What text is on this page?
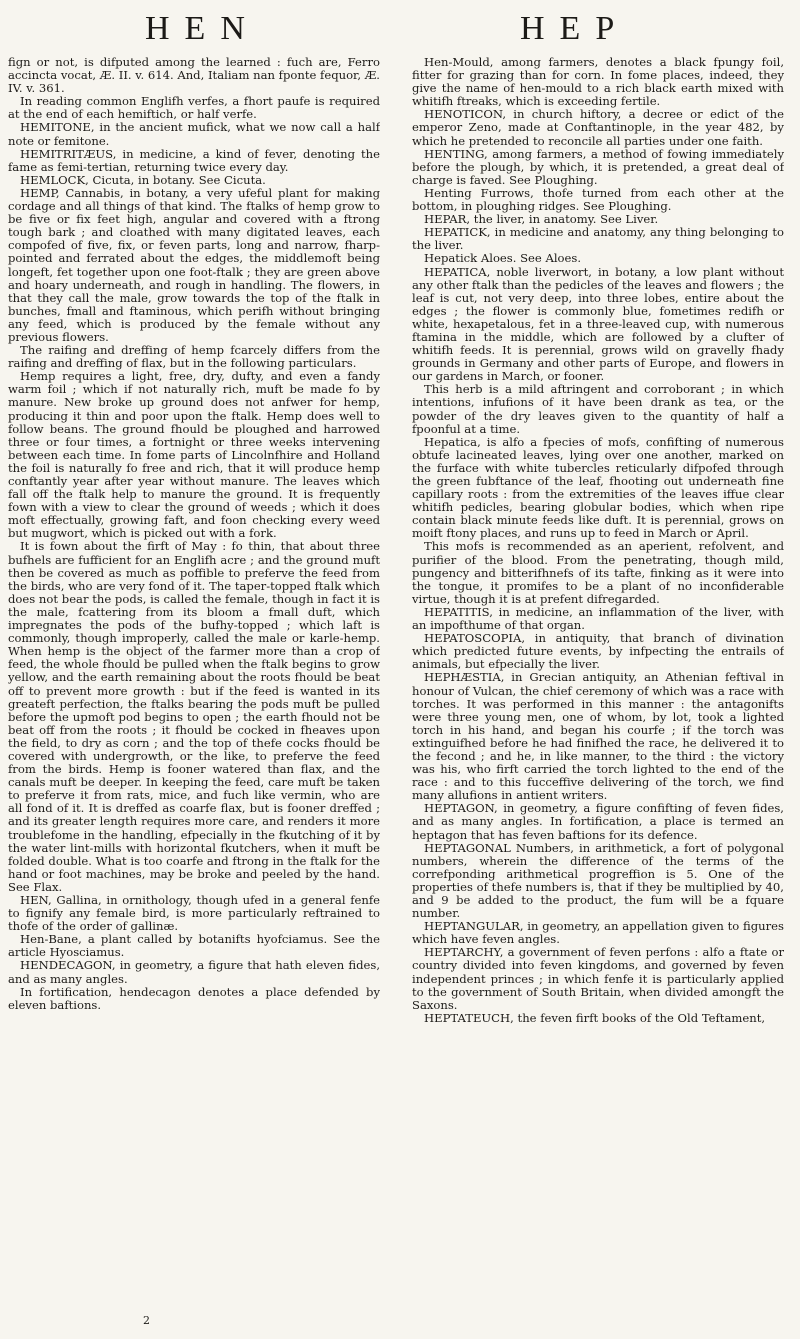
HEN	HEP

fign or not, is difputed among the learned : fuch are, Ferro accincta vocat, Æ. II. v. 614. And, Italiam nan fponte fequor, Æ. IV. v. 361.

In reading common Englifh verfes, a fhort paufe is required at the end of each hemiftich, or half verfe.

HEMITONE, in the ancient mufick, what we now call a half note or femitone.

HEMITRITÆUS, in medicine, a kind of fever, denoting the fame as femi-tertian, returning twice every day.

HEMLOCK, Cicuta, in botany. See Cicuta.

HEMP, Cannabis, in botany, a very ufeful plant for making cordage and all things of that kind. The ftalks of hemp grow to be five or fix feet high, angular and covered with a ftrong tough bark ; and cloathed with many digitated leaves, each compofed of five, fix, or feven parts, long and narrow, fharp-pointed and ferrated about the edges, the middlemoft being longeft, fet together upon one foot-ftalk ; they are green above and hoary underneath, and rough in handling. The flowers, in that they call the male, grow towards the top of the ftalk in bunches, fmall and ftaminous, which perifh without bringing any feed, which is produced by the female without any previous flowers.

The raifing and dreffing of hemp fcarcely differs from the raifing and dreffing of flax, but in the following particulars.

Hemp requires a light, free, dry, dufty, and even a fandy warm foil ; which if not naturally rich, muft be made fo by manure. New broke up ground does not anfwer for hemp, producing it thin and poor upon the ftalk. Hemp does well to follow beans. The ground fhould be ploughed and harrowed three or four times, a fortnight or three weeks intervening between each time. In fome parts of Lincolnfhire and Holland the foil is naturally fo free and rich, that it will produce hemp conftantly year after year without manure. The leaves which fall off the ftalk help to manure the ground. It is frequently fown with a view to clear the ground of weeds ; which it does moft effectually, growing faft, and foon checking every weed but mugwort, which is picked out with a fork.

It is fown about the firft of May : fo thin, that about three bufhels are fufficient for an Englifh acre ; and the ground muft then be covered as much as poffible to preferve the feed from the birds, who are very fond of it. The taper-topped ftalk which does not bear the pods, is called the female, though in fact it is the male, fcattering from its bloom a fmall duft, which impregnates the pods of the bufhy-topped ; which laft is commonly, though improperly, called the male or karle-hemp. When hemp is the object of the farmer more than a crop of feed, the whole fhould be pulled when the ftalk begins to grow yellow, and the earth remaining about the roots fhould be beat off to prevent more growth : but if the feed is wanted in its greateft perfection, the ftalks bearing the pods muft be pulled before the upmoft pod begins to open ; the earth fhould not be beat off from the roots ; it fhould be cocked in fheaves upon the field, to dry as corn ; and the top of thefe cocks fhould be covered with undergrowth, or the like, to preferve the feed from the birds. Hemp is fooner watered than flax, and the canals muft be deeper. In keeping the feed, care muft be taken to preferve it from rats, mice, and fuch like vermin, who are all fond of it. It is dreffed as coarfe flax, but is fooner dreffed ; and its greater length requires more care, and renders it more troublefome in the handling, efpecially in the fkutching of it by the water lint-mills with horizontal fkutchers, when it muft be folded double. What is too coarfe and ftrong in the ftalk for the hand or foot machines, may be broke and peeled by the hand. See Flax.

HEN, Gallina, in ornithology, though ufed in a general fenfe to fignify any female bird, is more particularly reftrained to thofe of the order of gallinæ.

Hen-Bane, a plant called by botanifts hyofciamus. See the article Hyosciamus.

HENDECAGON, in geometry, a figure that hath eleven fides, and as many angles.

In fortification, hendecagon denotes a place defended by eleven baftions.

Hen-Mould, among farmers, denotes a black fpungy foil, fitter for grazing than for corn. In fome places, indeed, they give the name of hen-mould to a rich black earth mixed with whitifh ftreaks, which is exceeding fertile.

HENOTICON, in church hiftory, a decree or edict of the emperor Zeno, made at Conftantinople, in the year 482, by which he pretended to reconcile all parties under one faith.

HENTING, among farmers, a method of fowing immediately before the plough, by which, it is pretended, a great deal of charge is faved. See Ploughing.

Henting Furrows, thofe turned from each other at the bottom, in ploughing ridges. See Ploughing.

HEPAR, the liver, in anatomy. See Liver.

HEPATICK, in medicine and anatomy, any thing belonging to the liver.

Hepatick Aloes. See Aloes.

HEPATICA, noble liverwort, in botany, a low plant without any other ftalk than the pedicles of the leaves and flowers ; the leaf is cut, not very deep, into three lobes, entire about the edges ; the flower is commonly blue, fometimes redifh or white, hexapetalous, fet in a three-leaved cup, with numerous ftamina in the middle, which are followed by a clufter of whitifh feeds. It is perennial, grows wild on gravelly fhady grounds in Germany and other parts of Europe, and flowers in our gardens in March, or fooner.

This herb is a mild aftringent and corroborant ; in which intentions, infufions of it have been drank as tea, or the powder of the dry leaves given to the quantity of half a fpoonful at a time.

Hepatica, is alfo a fpecies of mofs, confifting of numerous obtufe lacineated leaves, lying over one another, marked on the furface with white tubercles reticularly difpofed through the green fubftance of the leaf, fhooting out underneath fine capillary roots : from the extremities of the leaves iffue clear whitifh pedicles, bearing globular bodies, which when ripe contain black minute feeds like duft. It is perennial, grows on moift ftony places, and runs up to feed in March or April.

This mofs is recommended as an aperient, refolvent, and purifier of the blood. From the penetrating, though mild, pungency and bitterifhnefs of its tafte, finking as it were into the tongue, it promifes to be a plant of no inconfiderable virtue, though it is at prefent difregarded.

HEPATITIS, in medicine, an inflammation of the liver, with an impofthume of that organ.

HEPATOSCOPIA, in antiquity, that branch of divination which predicted future events, by infpecting the entrails of animals, but efpecially the liver.

HEPHÆSTIA, in Grecian antiquity, an Athenian feftival in honour of Vulcan, the chief ceremony of which was a race with torches. It was performed in this manner : the antagonifts were three young men, one of whom, by lot, took a lighted torch in his hand, and began his courfe ; if the torch was extinguifhed before he had finifhed the race, he delivered it to the fecond ; and he, in like manner, to the third : the victory was his, who firft carried the torch lighted to the end of the race : and to this fucceffive delivering of the torch, we find many allufions in antient writers.

HEPTAGON, in geometry, a figure confifting of feven fides, and as many angles. In fortification, a place is termed an heptagon that has feven baftions for its defence.

HEPTAGONAL Numbers, in arithmetick, a fort of polygonal numbers, wherein the difference of the terms of the correfponding arithmetical progreffion is 5. One of the properties of thefe numbers is, that if they be multiplied by 40, and 9 be added to the product, the fum will be a fquare number.

HEPTANGULAR, in geometry, an appellation given to figures which have feven angles.

HEPTARCHY, a government of feven perfons : alfo a ftate or country divided into feven kingdoms, and governed by feven independent princes ; in which fenfe it is particularly applied to the government of South Britain, when divided amongft the Saxons.

HEPTATEUCH, the feven firft books of the Old Teftament,

2
